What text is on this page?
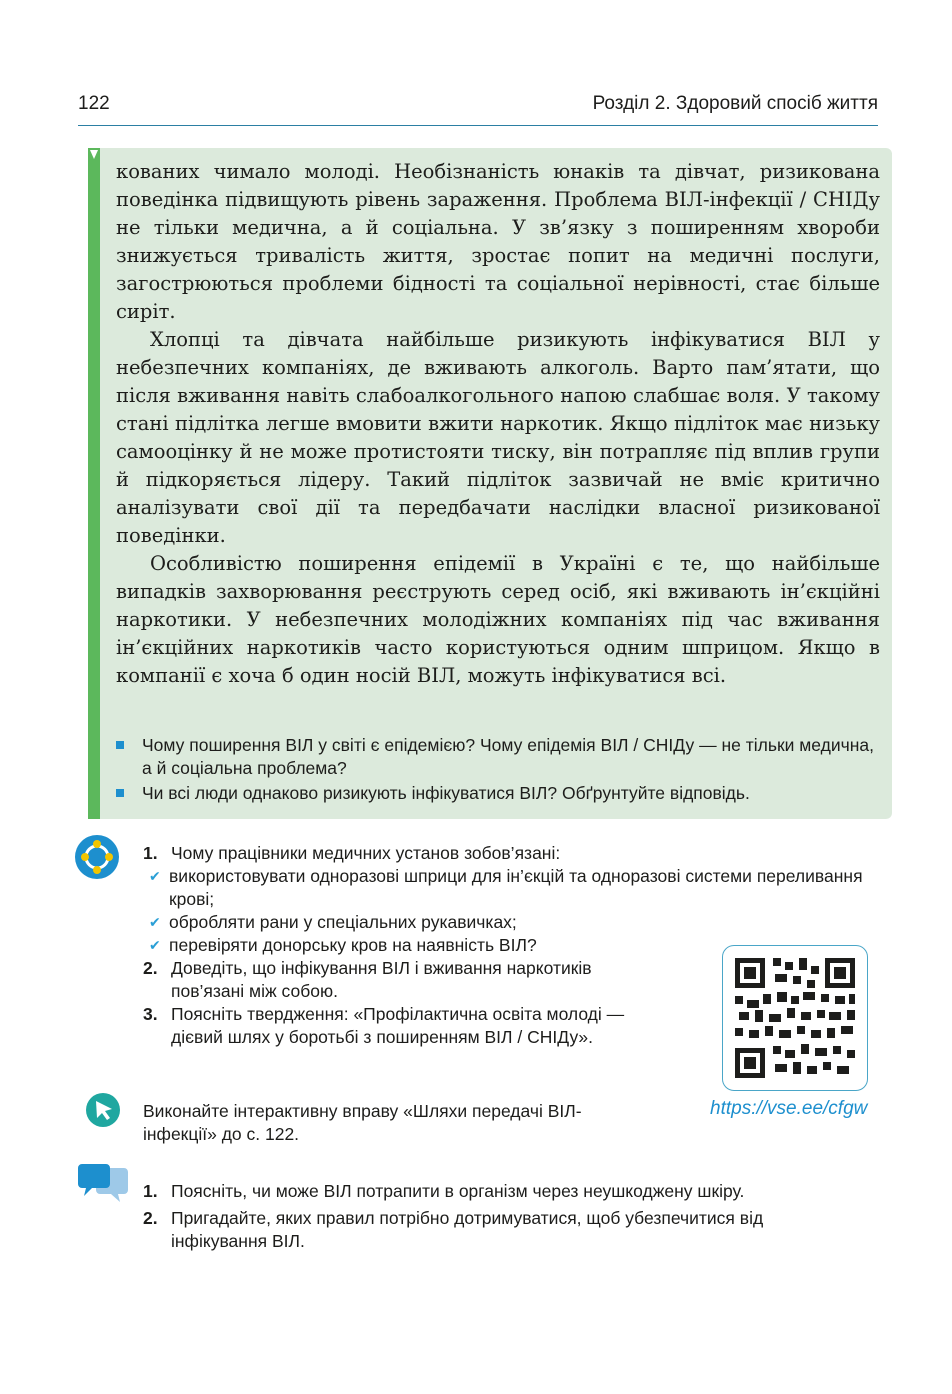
122	Розділ 2. Здоровий спосіб життя

кованих чимало молоді. Необізнаність юнаків та дівчат, ризикована поведінка підвищують рівень зараження. Проблема ВІЛ-інфекції / СНІДу не тільки медична, а й соціальна. У зв’язку з поширенням хвороби знижується тривалість життя, зростає попит на медичні послуги, загострюються проблеми бідності та соціальної нерівності, стає більше сиріт.

Хлопці та дівчата найбільше ризикують інфікуватися ВІЛ у небезпечних компаніях, де вживають алкоголь. Варто пам’ятати, що після вживання навіть слабоалкогольного напою слабшає воля. У такому стані підлітка легше вмовити вжити наркотик. Якщо підліток має низьку самооцінку й не може протистояти тиску, він потрапляє під вплив групи й підкоряється лідеру. Такий підліток зазвичай не вміє критично аналізувати свої дії та передбачати наслідки власної ризикованої поведінки.

Особливістю поширення епідемії в Україні є те, що найбільше випадків захворювання реєструють серед осіб, які вживають ін’єкційні наркотики. У небезпечних молодіжних компаніях під час вживання ін’єкційних наркотиків часто користуються одним шприцом. Якщо в компанії є хоча б один носій ВІЛ, можуть інфікуватися всі.

Чому поширення ВІЛ у світі є епідемією? Чому епідемія ВІЛ / СНІДу — не тільки медична, а й соціальна проблема?
Чи всі люди однаково ризикують інфікуватися ВІЛ? Обґрунтуйте відповідь.
1. Чому працівники медичних установ зобов’язані:
✔ використовувати одноразові шприци для ін’єкцій та одноразові системи переливання крові;
✔ обробляти рани у спеціальних рукавичках;
✔ перевіряти донорську кров на наявність ВІЛ?
2. Доведіть, що інфікування ВІЛ і вживання наркотиків
пов’язані між собою.
3. Поясніть твердження: «Профілактична освіта молоді —
дієвий шлях у боротьбі з поширенням ВІЛ / СНІДу».
https://vse.ee/cfgw
Виконайте інтерактивну вправу «Шляхи передачі ВІЛ-
інфекції» до с. 122.
1. Поясніть, чи може ВІЛ потрапити в організм через неушкоджену шкіру.
2. Пригадайте, яких правил потрібно дотримуватися, щоб убезпечитися від
інфікування ВІЛ.
